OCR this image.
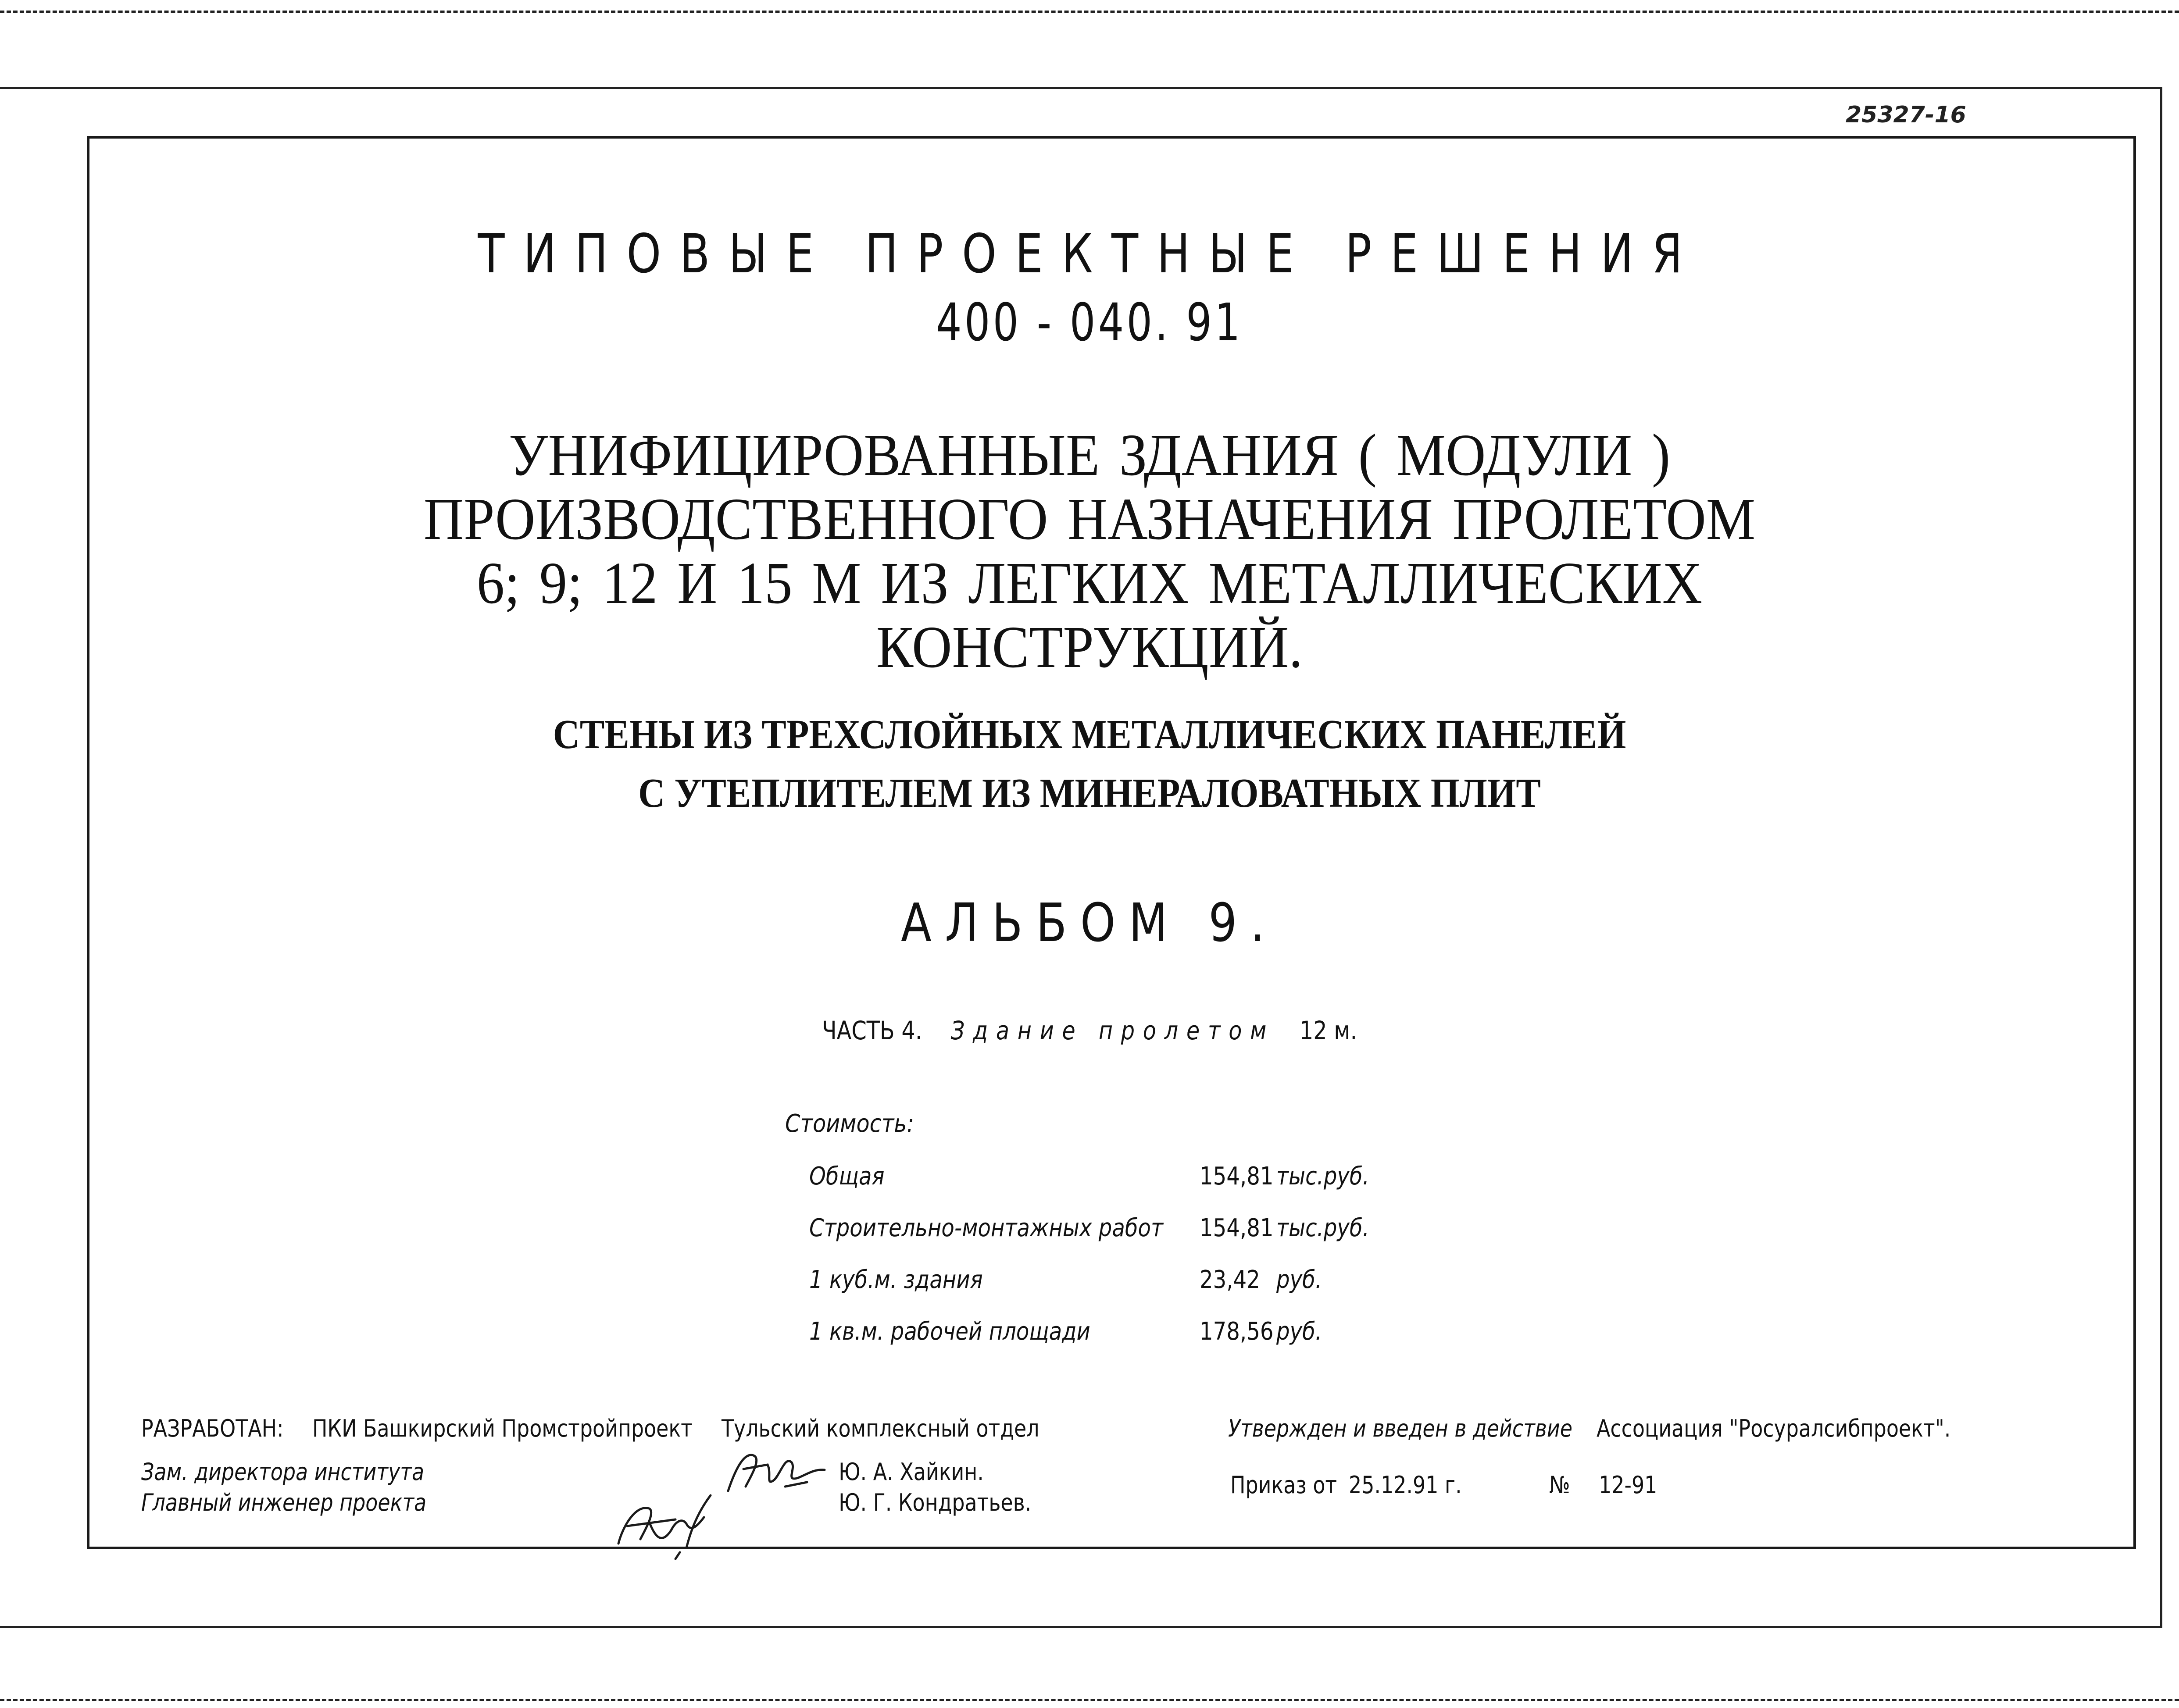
25327-16
ТИПОВЫЕ ПРОЕКТНЫЕ РЕШЕНИЯ
400 - 040. 91
УНИФИЦИРОВАННЫЕ ЗДАНИЯ ( МОДУЛИ )
ПРОИЗВОДСТВЕННОГО НАЗНАЧЕНИЯ ПРОЛЕТОМ
6; 9; 12 И 15 М ИЗ ЛЕГКИХ МЕТАЛЛИЧЕСКИХ
КОНСТРУКЦИЙ.
СТЕНЫ ИЗ ТРЕХСЛОЙНЫХ МЕТАЛЛИЧЕСКИХ ПАНЕЛЕЙ
С УТЕПЛИТЕЛЕМ ИЗ МИНЕРАЛОВАТНЫХ ПЛИТ
АЛЬБОМ 9.
ЧАСТЬ 4. Здание пролетом 12 м.
Стоимость:
Общая	154,81 тыс.руб.
Строительно-монтажных работ 154,81 тыс.руб.
1 куб.м. здания	23,42 руб.
1 кв.м. рабочей площади	178,56 руб.
РАЗРАБОТАН: ПКИ Башкирский Промстройпроект Тульский комплексный отдел
Зам. директора института
Главный инженер проекта
Ю. А. Хайкин.
Ю. Г. Кондратьев.
Утвержден и введен в действие Ассоциация "Росуралсибпроект".
Приказ от 25.12.91 г.	№ 12-91
